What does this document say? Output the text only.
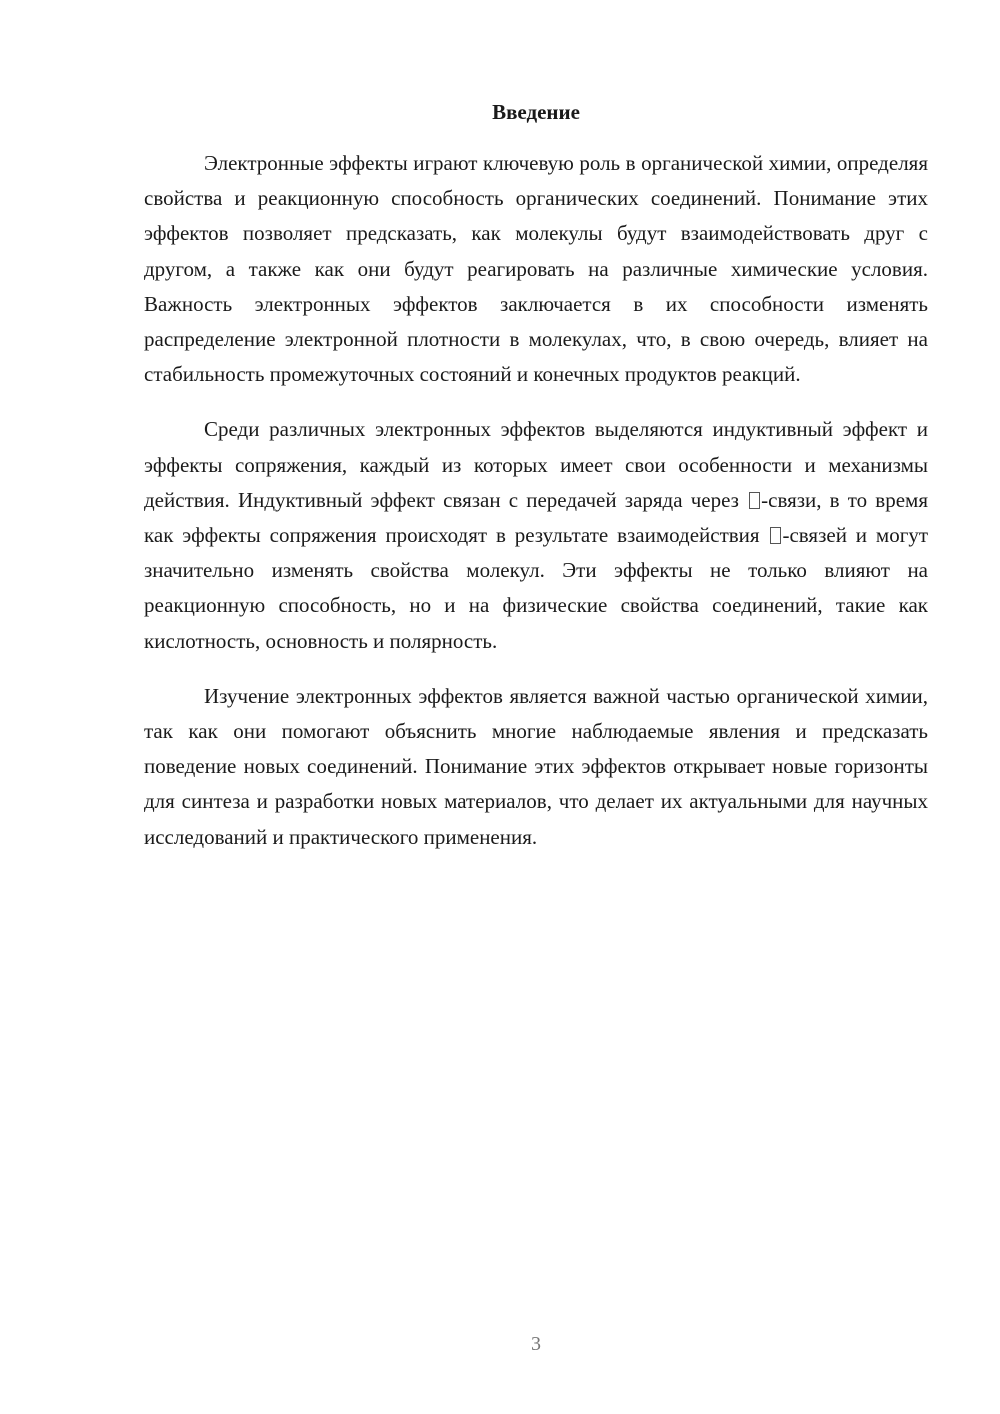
Введение

Электронные эффекты играют ключевую роль в органической химии, определяя свойства и реакционную способность органических соединений. Понимание этих эффектов позволяет предсказать, как молекулы будут взаимодействовать друг с другом, а также как они будут реагировать на различные химические условия. Важность электронных эффектов заключается в их способности изменять распределение электронной плотности в молекулах, что, в свою очередь, влияет на стабильность промежуточных состояний и конечных продуктов реакций.

Среди различных электронных эффектов выделяются индуктивный эффект и эффекты сопряжения, каждый из которых имеет свои особенности и механизмы действия. Индуктивный эффект связан с передачей заряда через -связи, в то время как эффекты сопряжения происходят в результате взаимодействия -связей и могут значительно изменять свойства молекул. Эти эффекты не только влияют на реакционную способность, но и на физические свойства соединений, такие как кислотность, основность и полярность.

Изучение электронных эффектов является важной частью органической химии, так как они помогают объяснить многие наблюдаемые явления и предсказать поведение новых соединений. Понимание этих эффектов открывает новые горизонты для синтеза и разработки новых материалов, что делает их актуальными для научных исследований и практического применения.

3
